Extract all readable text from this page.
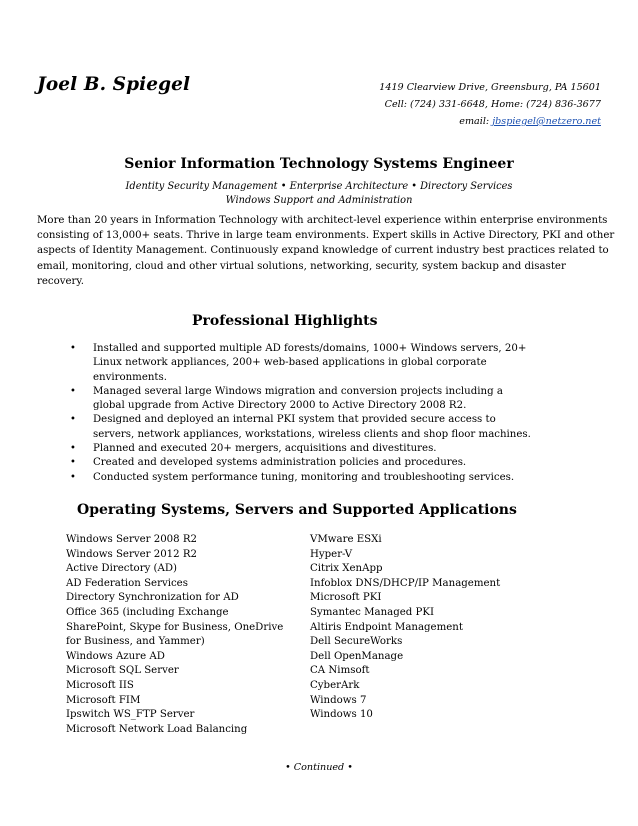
Joel B. Spiegel	1419 Clearview Drive, Greensburg, PA 15601
Cell: (724) 331-6648, Home: (724) 836-3677
email: jbspiegel@netzero.net
Senior Information Technology Systems Engineer
Identity Security Management • Enterprise Architecture • Directory Services
Windows Support and Administration
More than 20 years in Information Technology with architect-level experience within enterprise environments
consisting of 13,000+ seats. Thrive in large team environments. Expert skills in Active Directory, PKI and other
aspects of Identity Management. Continuously expand knowledge of current industry best practices related to
email, monitoring, cloud and other virtual solutions, networking, security, system backup and disaster
recovery.
Professional Highlights
• Installed and supported multiple AD forests/domains, 1000+ Windows servers, 20+
Linux network appliances, 200+ web-based applications in global corporate
environments.
• Managed several large Windows migration and conversion projects including a
global upgrade from Active Directory 2000 to Active Directory 2008 R2.
• Designed and deployed an internal PKI system that provided secure access to
servers, network appliances, workstations, wireless clients and shop floor machines.
• Planned and executed 20+ mergers, acquisitions and divestitures.
• Created and developed systems administration policies and procedures.
• Conducted system performance tuning, monitoring and troubleshooting services.
Operating Systems, Servers and Supported Applications
Windows Server 2008 R2
Windows Server 2012 R2
Active Directory (AD)
AD Federation Services
Directory Synchronization for AD
Office 365 (including Exchange
SharePoint, Skype for Business, OneDrive
for Business, and Yammer)
Windows Azure AD
Microsoft SQL Server
Microsoft IIS
Microsoft FIM
Ipswitch WS_FTP Server
Microsoft Network Load Balancing
VMware ESXi
Hyper-V
Citrix XenApp
Infoblox DNS/DHCP/IP Management
Microsoft PKI
Symantec Managed PKI
Altiris Endpoint Management
Dell SecureWorks
Dell OpenManage
CA Nimsoft
CyberArk
Windows 7
Windows 10
• Continued •
